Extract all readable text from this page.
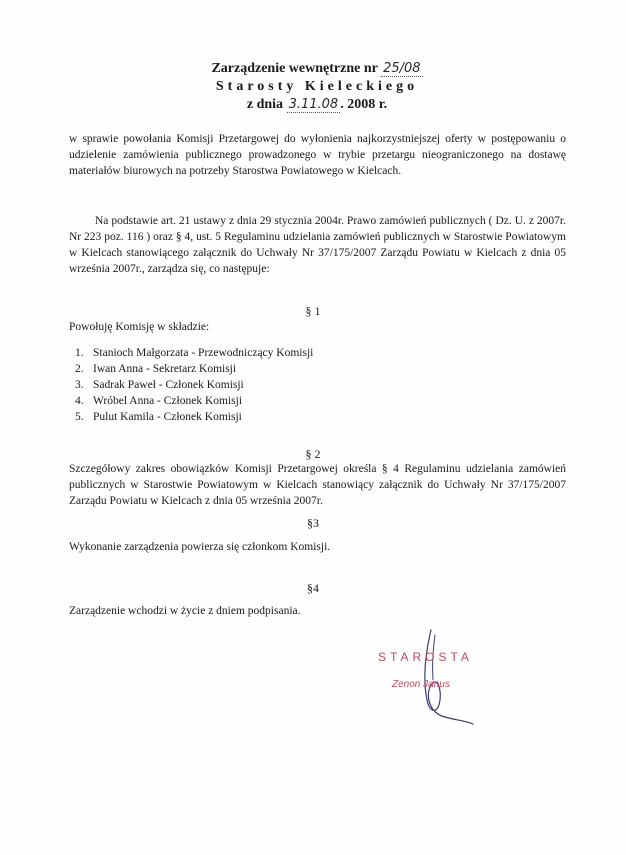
Zarządzenie wewnętrzne nr 25/08
Starosty Kieleckiego
z dnia 3.11.08 . 2008 r.
w sprawie powołania Komisji Przetargowej do wyłonienia najkorzystniejszej oferty w postępowaniu o udzielenie zamówienia publicznego prowadzonego w trybie przetargu nieograniczonego na dostawę materiałów biurowych na potrzeby Starostwa Powiatowego w Kielcach.
Na podstawie art. 21 ustawy z dnia 29 stycznia 2004r. Prawo zamówień publicznych ( Dz. U. z 2007r. Nr 223 poz. 116 ) oraz § 4, ust. 5 Regulaminu udzielania zamówień publicznych w Starostwie Powiatowym w Kielcach stanowiącego załącznik do Uchwały Nr 37/175/2007 Zarządu Powiatu w Kielcach z dnia 05 września 2007r., zarządza się, co następuje:
§ 1
Powołuję Komisję w składzie:
1. Stanioch Małgorzata - Przewodniczący Komisji
2. Iwan Anna - Sekretarz Komisji
3. Sadrak Paweł - Członek Komisji
4. Wróbel Anna - Członek Komisji
5. Pulut Kamila - Członek Komisji
§ 2
Szczegółowy zakres obowiązków Komisji Przetargowej określa § 4 Regulaminu udzielania zamówień publicznych w Starostwie Powiatowym w Kielcach stanowiący załącznik do Uchwały Nr 37/175/2007 Zarządu Powiatu w Kielcach z dnia 05 września 2007r.
§3
Wykonanie zarządzenia powierza się członkom Komisji.
§4
Zarządzenie wchodzi w życie z dniem podpisania.
STAROSTA
Zenon Janus
